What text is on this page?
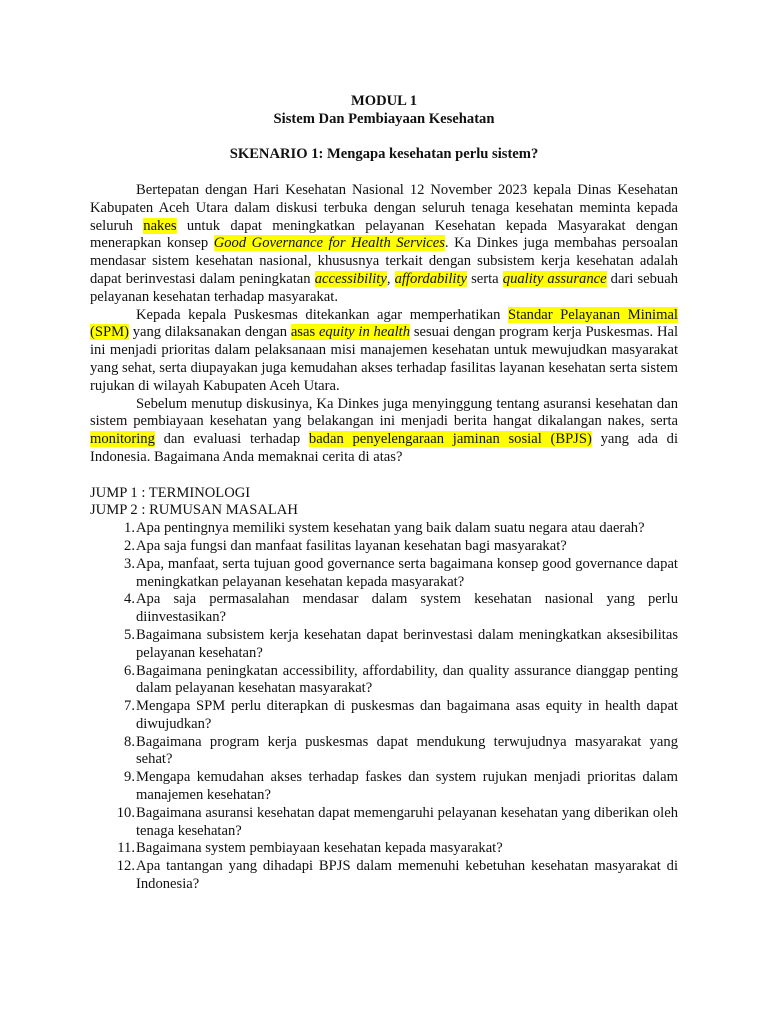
MODUL 1

Sistem Dan Pembiayaan Kesehatan

SKENARIO 1: Mengapa kesehatan perlu sistem?

Bertepatan dengan Hari Kesehatan Nasional 12 November 2023 kepala Dinas Kesehatan Kabupaten Aceh Utara dalam diskusi terbuka dengan seluruh tenaga kesehatan meminta kepada seluruh nakes untuk dapat meningkatkan pelayanan Kesehatan kepada Masyarakat dengan menerapkan konsep Good Governance for Health Services. Ka Dinkes juga membahas persoalan mendasar sistem kesehatan nasional, khususnya terkait dengan subsistem kerja kesehatan adalah dapat berinvestasi dalam peningkatan accessibility, affordability serta quality assurance dari sebuah pelayanan kesehatan terhadap masyarakat.

Kepada kepala Puskesmas ditekankan agar memperhatikan Standar Pelayanan Minimal (SPM) yang dilaksanakan dengan asas equity in health sesuai dengan program kerja Puskesmas. Hal ini menjadi prioritas dalam pelaksanaan misi manajemen kesehatan untuk mewujudkan masyarakat yang sehat, serta diupayakan juga kemudahan akses terhadap fasilitas layanan kesehatan serta sistem rujukan di wilayah Kabupaten Aceh Utara.

Sebelum menutup diskusinya, Ka Dinkes juga menyinggung tentang asuransi kesehatan dan sistem pembiayaan kesehatan yang belakangan ini menjadi berita hangat dikalangan nakes, serta monitoring dan evaluasi terhadap badan penyelengaraan jaminan sosial (BPJS) yang ada di Indonesia. Bagaimana Anda memaknai cerita di atas?

JUMP 1 : TERMINOLOGI

JUMP 2 : RUMUSAN MASALAH

1. Apa pentingnya memiliki system kesehatan yang baik dalam suatu negara atau daerah?
2. Apa saja fungsi dan manfaat fasilitas layanan kesehatan bagi masyarakat?
3. Apa, manfaat, serta tujuan good governance serta bagaimana konsep good governance dapat meningkatkan pelayanan kesehatan kepada masyarakat?
4. Apa saja permasalahan mendasar dalam system kesehatan nasional yang perlu diinvestasikan?
5. Bagaimana subsistem kerja kesehatan dapat berinvestasi dalam meningkatkan aksesibilitas pelayanan kesehatan?
6. Bagaimana peningkatan accessibility, affordability, dan quality assurance dianggap penting dalam pelayanan kesehatan masyarakat?
7. Mengapa SPM perlu diterapkan di puskesmas dan bagaimana asas equity in health dapat diwujudkan?
8. Bagaimana program kerja puskesmas dapat mendukung terwujudnya masyarakat yang sehat?
9. Mengapa kemudahan akses terhadap faskes dan system rujukan menjadi prioritas dalam manajemen kesehatan?
10. Bagaimana asuransi kesehatan dapat memengaruhi pelayanan kesehatan yang diberikan oleh tenaga kesehatan?
11. Bagaimana system pembiayaan kesehatan kepada masyarakat?
12. Apa tantangan yang dihadapi BPJS dalam memenuhi kebetuhan kesehatan masyarakat di Indonesia?
